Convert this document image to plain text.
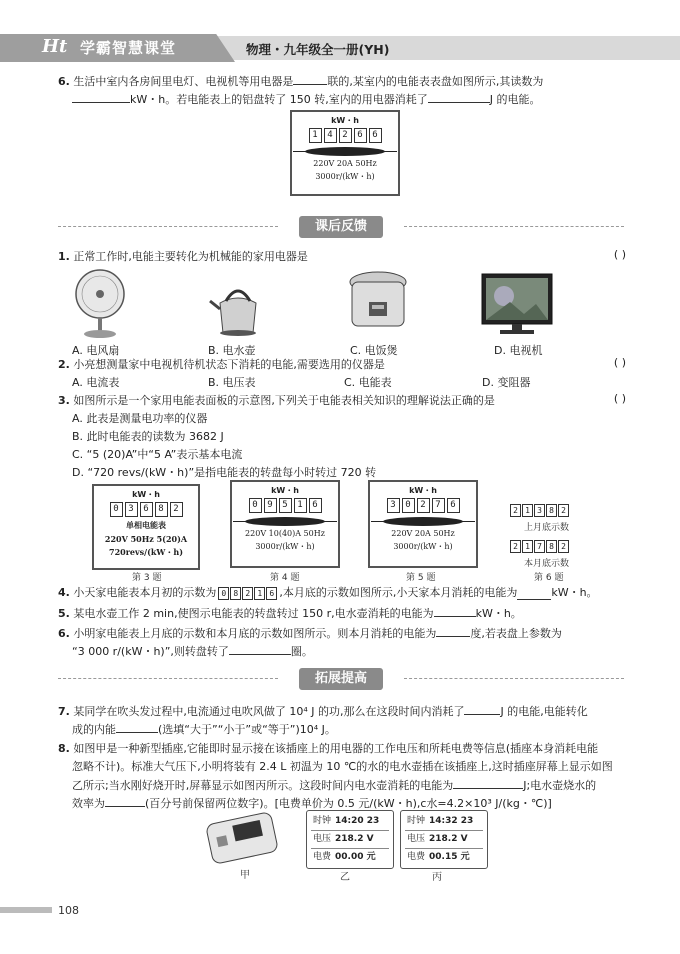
Ht 学霸智慧课堂	物理・九年级全一册(YH)
6. 生活中室内各房间里电灯、电视机等用电器是	联的,某室内的电能表表盘如图所示,其读数为
kW・h。若电能表上的铝盘转了 150 转,室内的用电器消耗了	J 的电能。
kW・h
1	4	2	6	6
220V 20A 50Hz
3000r/(kW・h)
课后反馈
1. 正常工作时,电能主要转化为机械能的家用电器是	( )
A. 电风扇	B. 电水壶	C. 电饭煲	D. 电视机
2. 小亮想测量家中电视机待机状态下消耗的电能,需要选用的仪器是	( )
A. 电流表	B. 电压表	C. 电能表	D. 变阻器
3. 如图所示是一个家用电能表面板的示意图,下列关于电能表相关知识的理解说法正确的是	( )
A. 此表是测量电功率的仪器
B. 此时电能表的读数为 3682 J
C. “5 (20)A”中“5 A”表示基本电流
D. “720 revs/(kW・h)”是指电能表的转盘每小时转过 720 转
kW・h
0	3	6	8	2
单相电能表
220V 50Hz 5(20)A
720revs/(kW・h)
第 3 题
kW・h
0	9	5	1	6
220V 10(40)A 50Hz
3000r/(kW・h)
第 4 题
kW・h
3	0	2	7	6
220V 20A 50Hz
3000r/(kW・h)
第 5 题
2 1 3 8 2
上月底示数
2 1 7 8 2
本月底示数
第 6 题
4.
小天家电能表本月初的示数为 0 8 2 1 6 ,本月底的示数如图所示,小天家本月消耗的电能为	kW・h。
5. 某电水壶工作 2 min,使图示电能表的转盘转过 150 r,电水壶消耗的电能为	kW・h。
6. 小明家电能表上月底的示数和本月底的示数如图所示。则本月消耗的电能为	度,若表盘上参数为
“3 000 r/(kW・h)”,则转盘转了	圈。
拓展提高
7. 某同学在吹头发过程中,电流通过电吹风做了 10⁴ J 的功,那么在这段时间内消耗了	J 的电能,电能转化
成的内能	(选填“大于”“小于”或“等于”)10⁴ J。
8. 如图甲是一种新型插座,它能即时显示接在该插座上的用电器的工作电压和所耗电费等信息(插座本身消耗电能
忽略不计)。标准大气压下,小明将装有 2.4 L 初温为 10 ℃的水的电水壶插在该插座上,这时插座屏幕上显示如图
乙所示;当水刚好烧开时,屏幕显示如图丙所示。这段时间内电水壶消耗的电能为	J;电水壶烧水的
效率为	(百分号前保留两位数字)。[电费单价为 0.5 元/(kW・h),c水=4.2×10³ J/(kg・℃)]
甲
时钟 14:20 23
电压 218.2 V
电费 00.00 元
乙
时钟 14:32 23
电压 218.2 V
电费 00.15 元
丙
108
